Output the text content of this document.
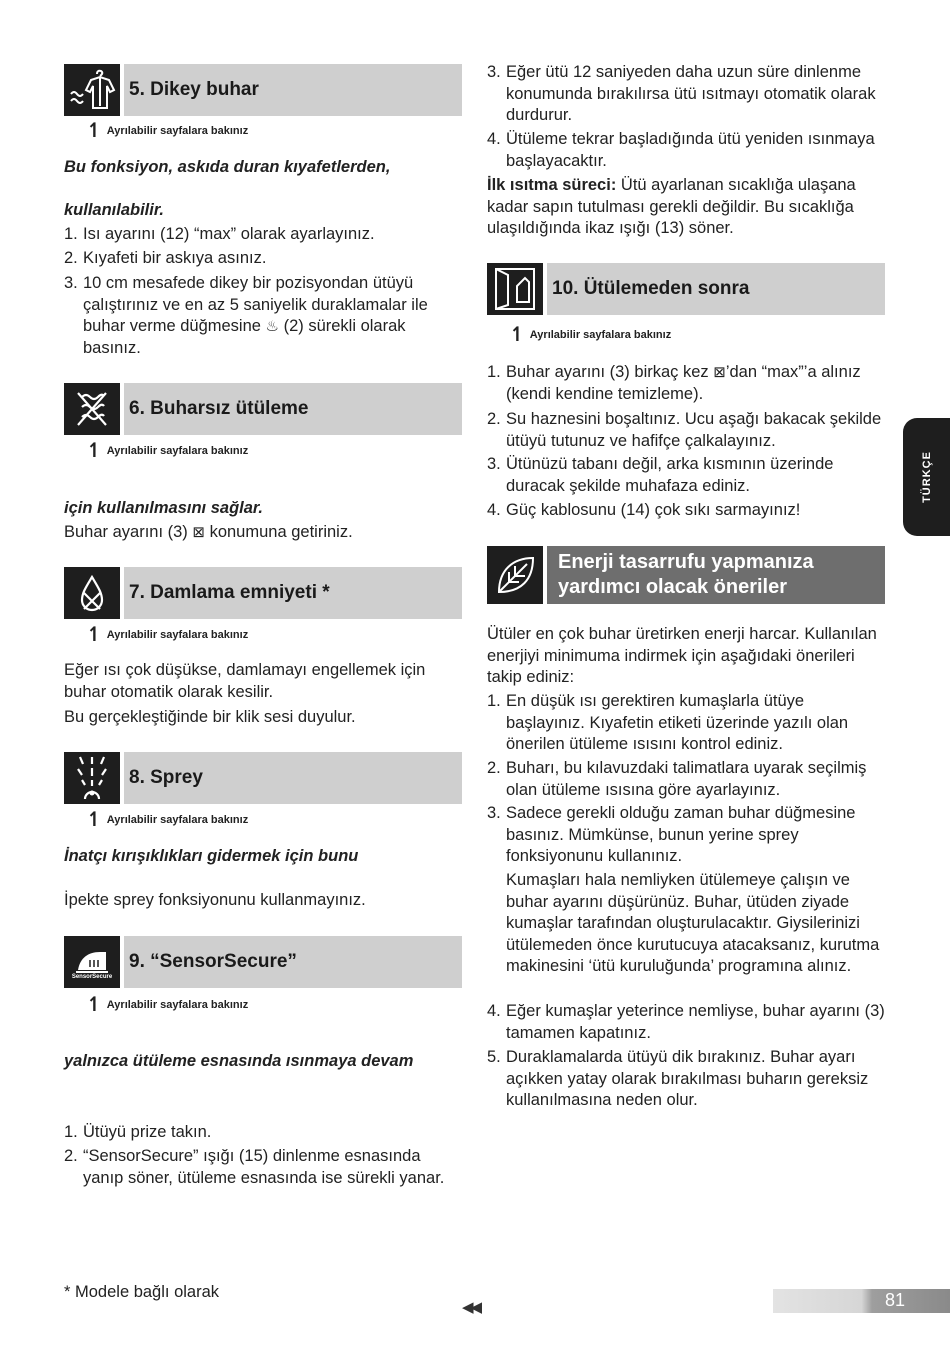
5. Dikey buhar
↿ Ayrılabilir sayfalara bakınız

Bu fonksiyon, askıda duran kıyafetlerden,

kullanılabilir.

1. Isı ayarını (12) “max” olarak ayarlayınız.
2. Kıyafeti bir askıya asınız.
3. 10 cm mesafede dikey bir pozisyondan ütüyü çalıştırınız ve en az 5 saniyelik duraklamalar ile buhar verme düğmesine ♨ (2) sürekli olarak basınız.
6. Buharsız ütüleme
↿ Ayrılabilir sayfalara bakınız

için kullanılmasını sağlar.

Buhar ayarını (3) ⊠ konumuna getiriniz.

7. Damlama emniyeti *
↿ Ayrılabilir sayfalara bakınız

Eğer ısı çok düşükse, damlamayı engellemek için buhar otomatik olarak kesilir.

Bu gerçekleştiğinde bir klik sesi duyulur.

8. Sprey
↿ Ayrılabilir sayfalara bakınız

İnatçı kırışıklıkları gidermek için bunu

İpekte sprey fonksiyonunu kullanmayınız.

SensorSecure
9. “SensorSecure”
↿ Ayrılabilir sayfalara bakınız

yalnızca ütüleme esnasında ısınmaya devam

1. Ütüyü prize takın.
2. “SensorSecure” ışığı (15) dinlenme esnasında yanıp söner, ütüleme esnasında ise sürekli yanar.
* Modele bağlı olarak
3. Eğer ütü 12 saniyeden daha uzun süre dinlenme konumunda bırakılırsa ütü ısıtmayı otomatik olarak durdurur.
4. Ütüleme tekrar başladığında ütü yeniden ısınmaya başlayacaktır.

İlk ısıtma süreci: Ütü ayarlanan sıcaklığa ulaşana kadar sapın tutulması gerekli değildir. Bu sıcaklığa ulaşıldığında ikaz ışığı (13) söner.

10. Ütülemeden sonra
↿ Ayrılabilir sayfalara bakınız
1. Buhar ayarını (3) birkaç kez ⊠’dan “max”’a alınız (kendi kendine temizleme).
2. Su haznesini boşaltınız. Ucu aşağı bakacak şekilde ütüyü tutunuz ve hafifçe çalkalayınız.
3. Ütünüzü tabanı değil, arka kısmının üzerinde duracak şekilde muhafaza ediniz.
4. Güç kablosunu (14) çok sıkı sarmayınız!
Enerji tasarrufu yapmanıza
yardımcı olacak öneriler

Ütüler en çok buhar üretirken enerji harcar. Kullanılan enerjiyi minimuma indirmek için aşağıdaki önerileri takip ediniz:

1. En düşük ısı gerektiren kumaşlarla ütüye başlayınız. Kıyafetin etiketi üzerinde yazılı olan önerilen ütüleme ısısını kontrol ediniz.
2. Buharı, bu kılavuzdaki talimatlara uyarak seçilmiş olan ütüleme ısısına göre ayarlayınız.
3. Sadece gerekli olduğu zaman buhar düğmesine basınız. Mümkünse, bunun yerine sprey fonksiyonunu kullanınız.
Kumaşları hala nemliyken ütülemeye çalışın ve buhar ayarını düşürünüz. Buhar, ütüden ziyade kumaşlar tarafından oluşturulacaktır. Giysilerinizi ütülemeden önce kurutucuya atacaksanız, kurutma makinesini ‘ütü kuruluğunda’ programına alınız.
4. Eğer kumaşlar yeterince nemliyse, buhar ayarını (3) tamamen kapatınız.
5. Duraklamalarda ütüyü dik bırakınız. Buhar ayarı açıkken yatay olarak bırakılması buharın gereksiz kullanılmasına neden olur.
TÜRKÇE
◀◀	81
